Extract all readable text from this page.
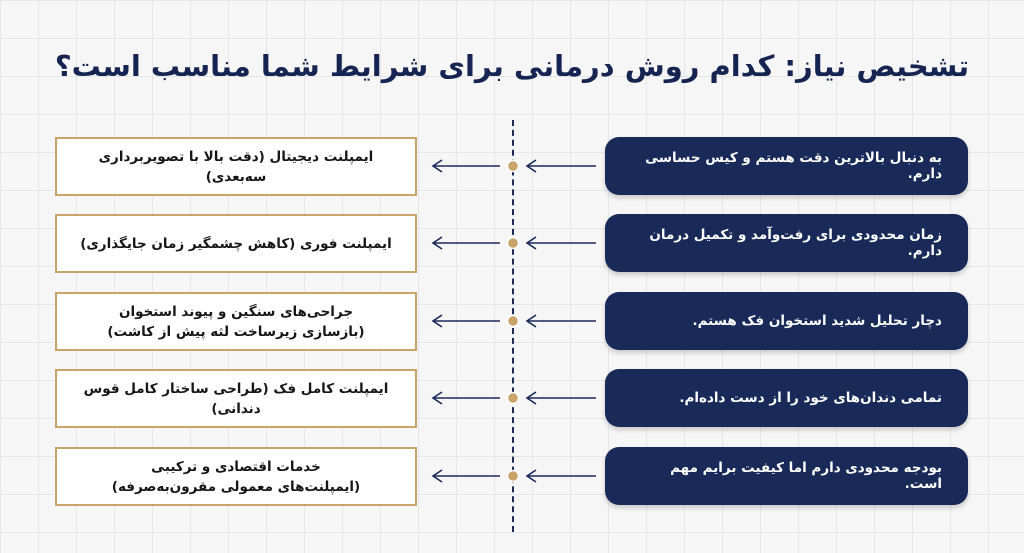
تشخیص نیاز: کدام روش درمانی برای شرایط شما مناسب است؟
ایمپلنت دیجیتال (دقت بالا با تصویربرداری سه‌بعدی)
به دنبال بالاترین دقت هستم و کیس حساسی دارم.
ایمپلنت فوری (کاهش چشمگیر زمان جایگذاری)
زمان محدودی برای رفت‌وآمد و تکمیل درمان دارم.
جراحی‌های سنگین و پیوند استخوان
(بازسازی زیرساخت لثه پیش از کاشت)
دچار تحلیل شدید استخوان فک هستم.
ایمپلنت کامل فک (طراحی ساختار کامل قوس دندانی)
تمامی دندان‌های خود را از دست داده‌ام.
خدمات اقتصادی و ترکیبی
(ایمپلنت‌های معمولی مقرون‌به‌صرفه)
بودجه محدودی دارم اما کیفیت برایم مهم است.
